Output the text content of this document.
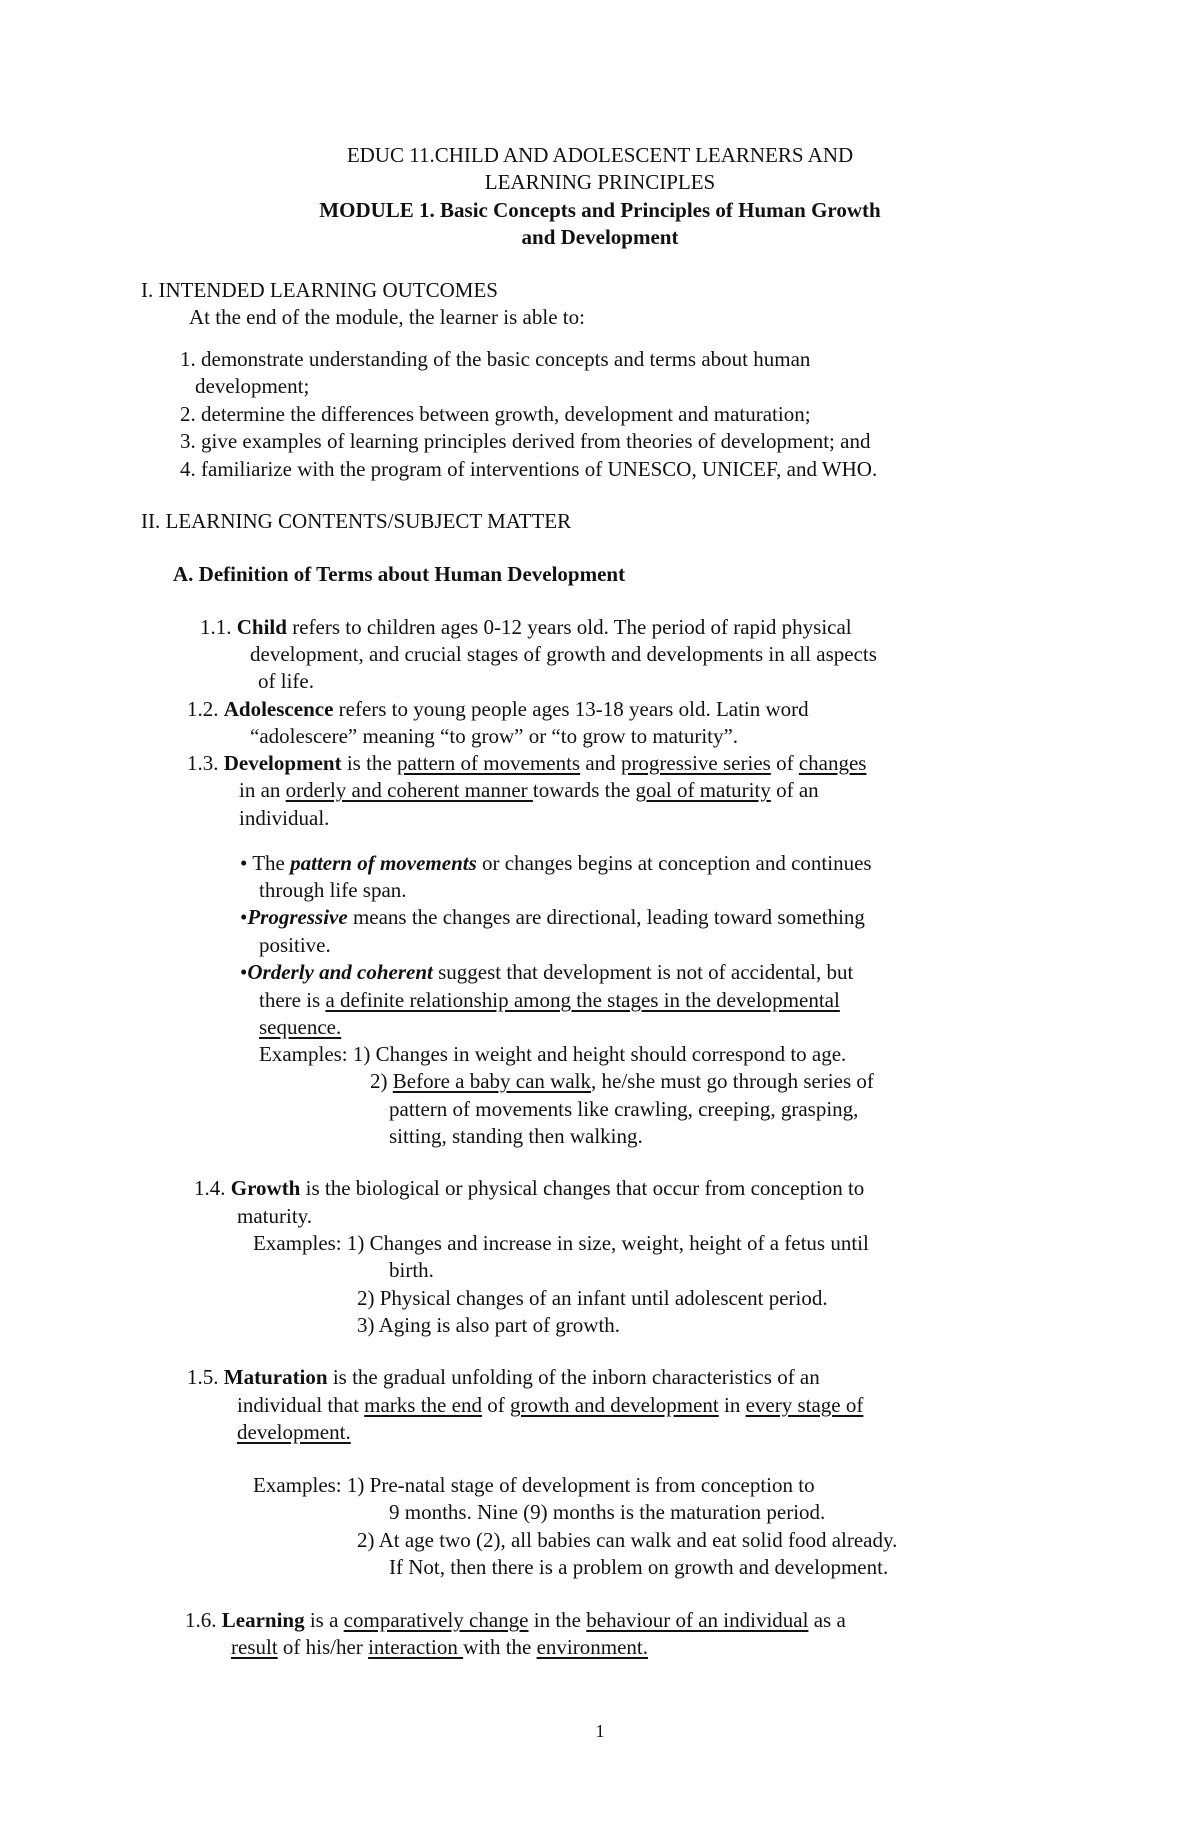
EDUC 11.CHILD AND ADOLESCENT LEARNERS AND
LEARNING PRINCIPLES
MODULE 1. Basic Concepts and Principles of Human Growth
and Development
I. INTENDED LEARNING OUTCOMES
At the end of the module, the learner is able to:
1. demonstrate understanding of the basic concepts and terms about human
development;
2. determine the differences between growth, development and maturation;
3. give examples of learning principles derived from theories of development; and
4. familiarize with the program of interventions of UNESCO, UNICEF, and WHO.
II. LEARNING CONTENTS/SUBJECT MATTER
A. Definition of Terms about Human Development
1.1. Child refers to children ages 0-12 years old. The period of rapid physical
development, and crucial stages of growth and developments in all aspects
of life.
1.2. Adolescence refers to young people ages 13-18 years old. Latin word
“adolescere” meaning “to grow” or “to grow to maturity”.
1.3. Development is the pattern of movements and progressive series of changes
in an orderly and coherent manner towards the goal of maturity of an
individual.
• The pattern of movements or changes begins at conception and continues
through life span.
•Progressive means the changes are directional, leading toward something
positive.
•Orderly and coherent suggest that development is not of accidental, but
there is a definite relationship among the stages in the developmental
sequence.
Examples: 1) Changes in weight and height should correspond to age.
2) Before a baby can walk, he/she must go through series of
pattern of movements like crawling, creeping, grasping,
sitting, standing then walking.
1.4. Growth is the biological or physical changes that occur from conception to
maturity.
Examples: 1) Changes and increase in size, weight, height of a fetus until
birth.
2) Physical changes of an infant until adolescent period.
3) Aging is also part of growth.
1.5. Maturation is the gradual unfolding of the inborn characteristics of an
individual that marks the end of growth and development in every stage of
development.
Examples: 1) Pre-natal stage of development is from conception to
9 months. Nine (9) months is the maturation period.
2) At age two (2), all babies can walk and eat solid food already.
If Not, then there is a problem on growth and development.
1.6. Learning is a comparatively change in the behaviour of an individual as a
result of his/her interaction with the environment.
1
